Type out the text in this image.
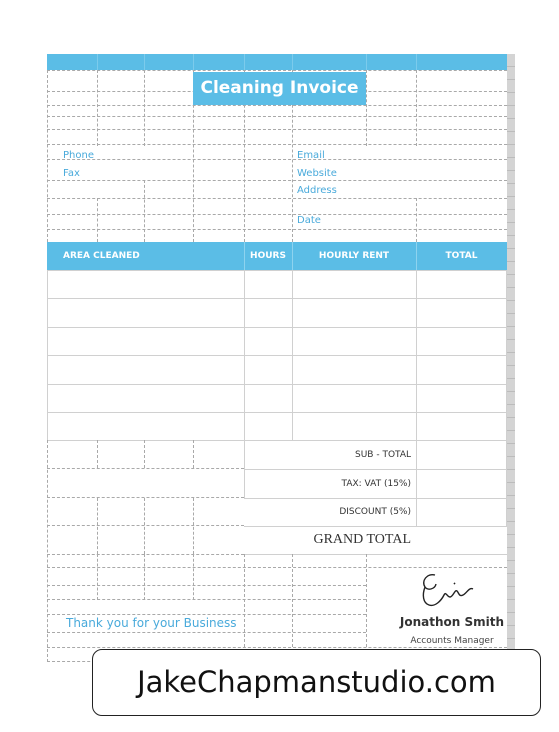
Cleaning Invoice
Phone
Fax
Email
Website
Address
Date
AREA CLEANED	HOURS	HOURLY RENT	TOTAL
SUB - TOTAL
TAX: VAT (15%)
DISCOUNT (5%)
GRAND TOTAL
Thank you for your Business	Jonathon Smith
Accounts Manager
JakeChapmanstudio.com
